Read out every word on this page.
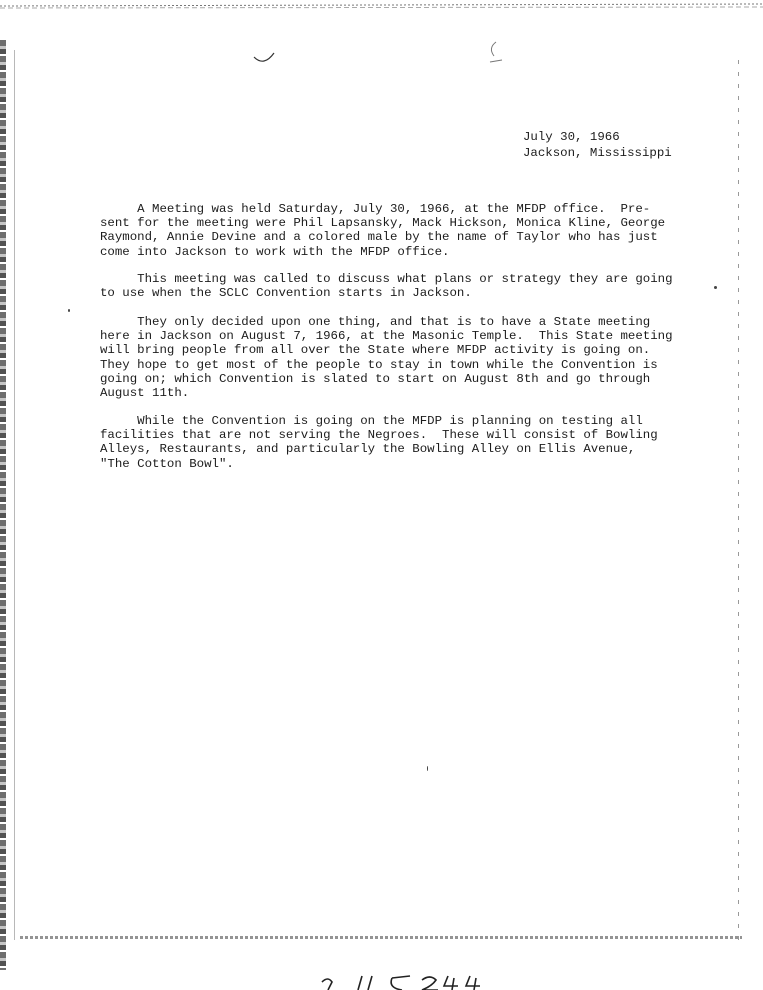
July 30, 1966
Jackson, Mississippi

A Meeting was held Saturday, July 30, 1966, at the MFDP office.  Pre-
sent for the meeting were Phil Lapsansky, Mack Hickson, Monica Kline, George
Raymond, Annie Devine and a colored male by the name of Taylor who has just
come into Jackson to work with the MFDP office.

This meeting was called to discuss what plans or strategy they are going
to use when the SCLC Convention starts in Jackson.

They only decided upon one thing, and that is to have a State meeting
here in Jackson on August 7, 1966, at the Masonic Temple.  This State meeting
will bring people from all over the State where MFDP activity is going on.
They hope to get most of the people to stay in town while the Convention is
going on; which Convention is slated to start on August 8th and go through
August 11th.

While the Convention is going on the MFDP is planning on testing all
facilities that are not serving the Negroes.  These will consist of Bowling
Alleys, Restaurants, and particularly the Bowling Alley on Ellis Avenue,
"The Cotton Bowl".
